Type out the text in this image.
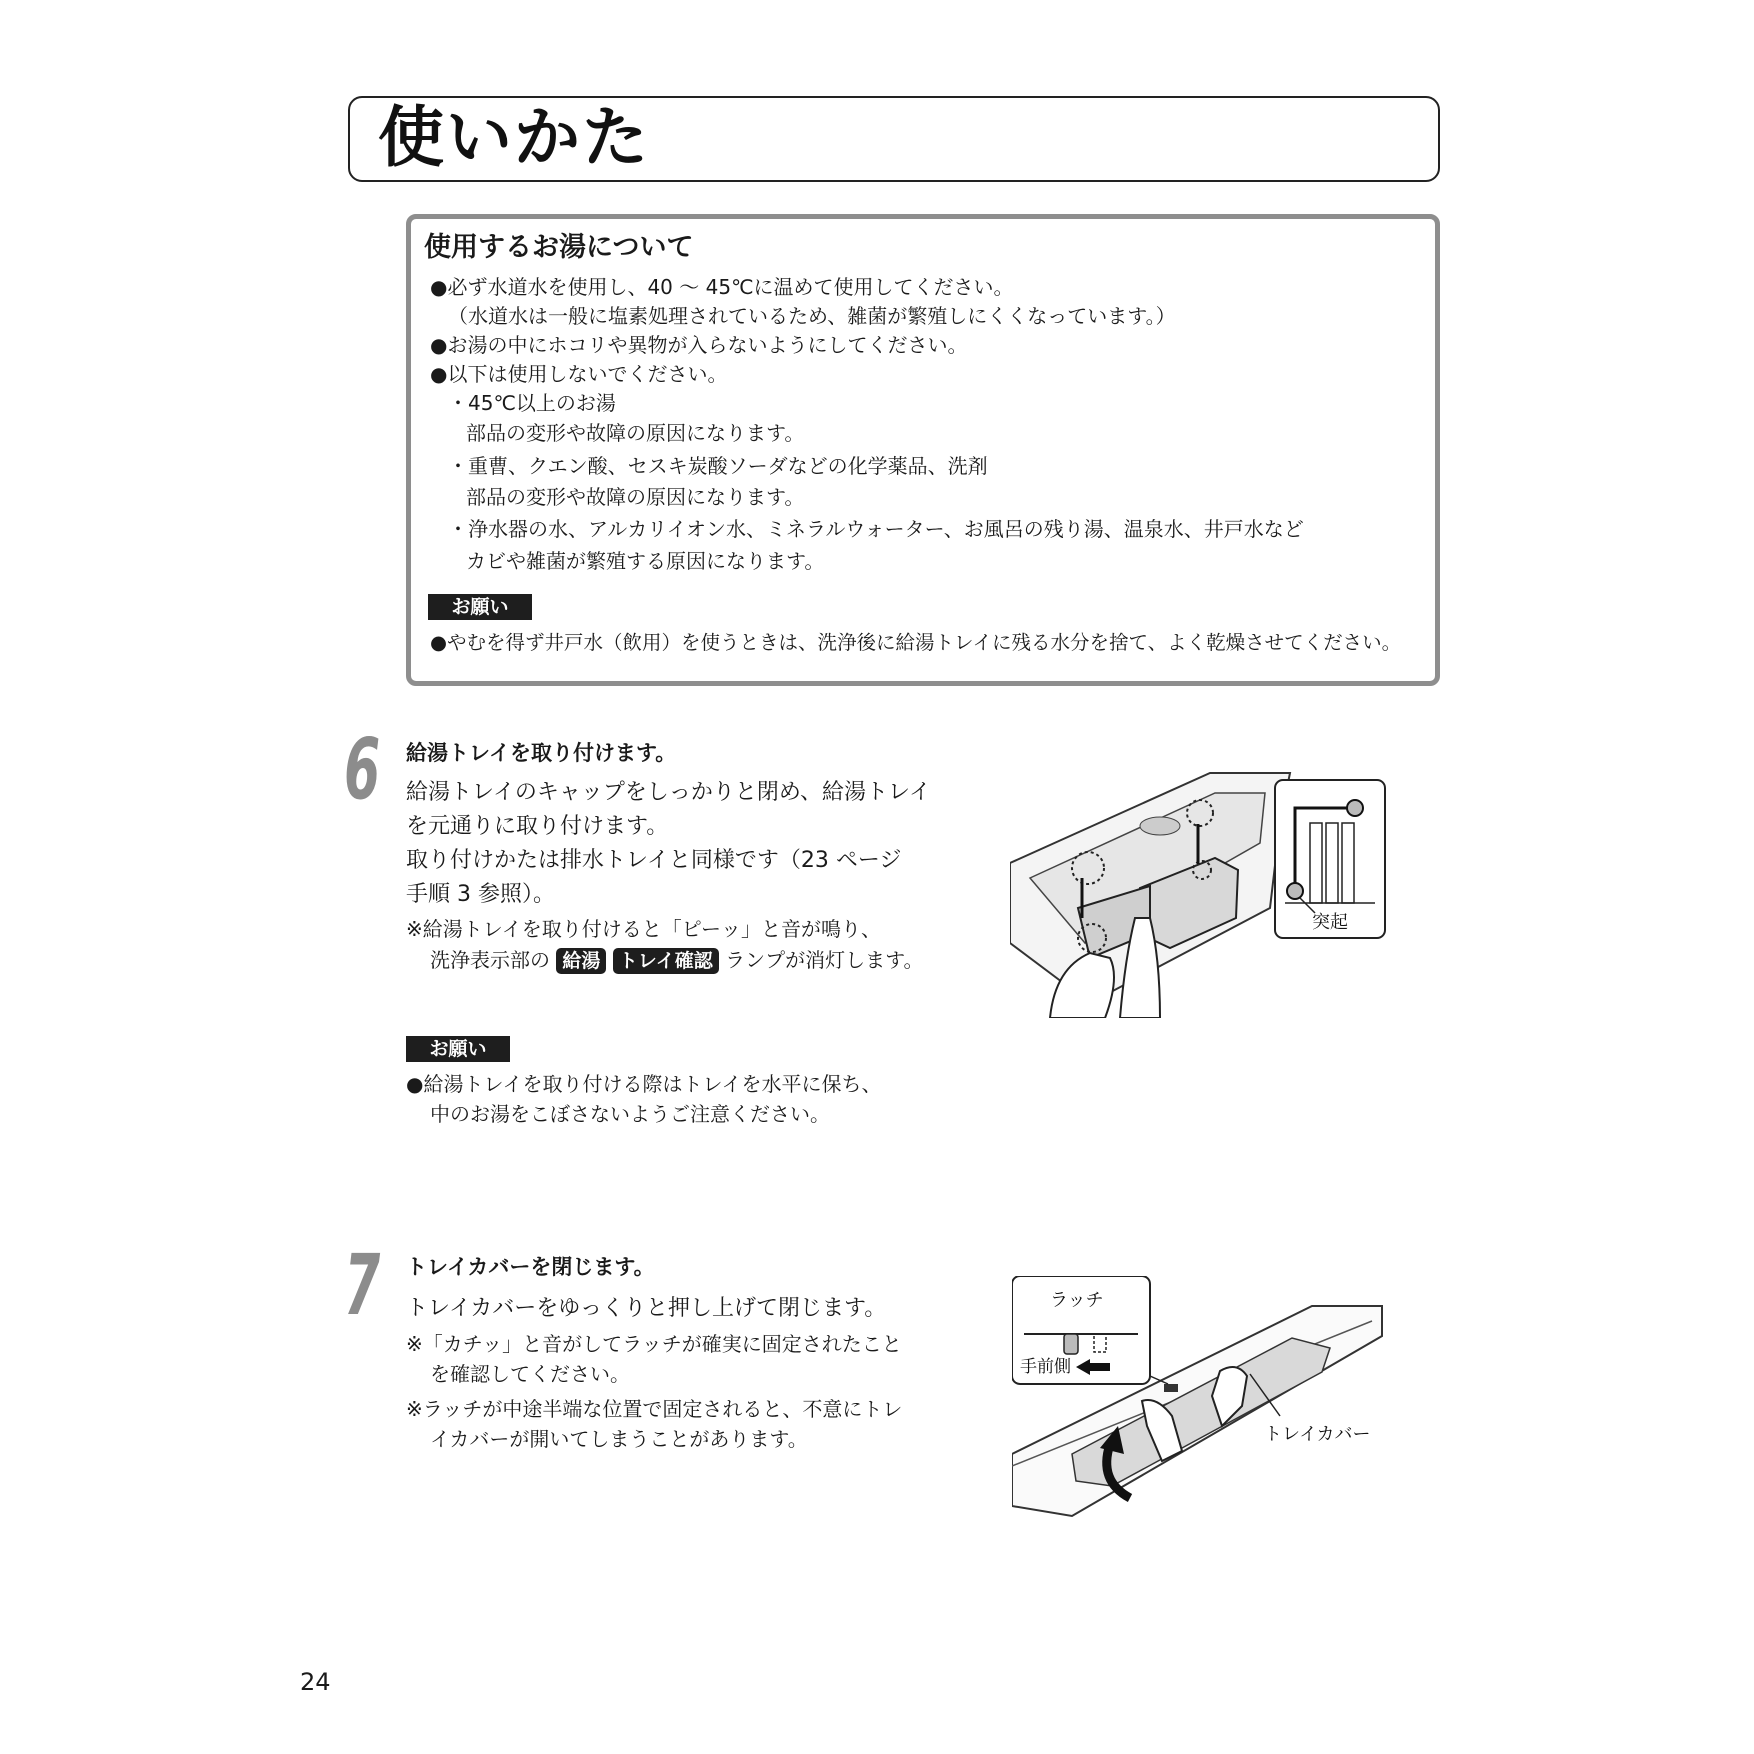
使いかた
使用するお湯について
●必ず水道水を使用し、40 ～ 45℃に温めて使用してください。
（水道水は一般に塩素処理されているため、雑菌が繁殖しにくくなっています。）
●お湯の中にホコリや異物が入らないようにしてください。
●以下は使用しないでください。
・45℃以上のお湯
部品の変形や故障の原因になります。
・重曹、クエン酸、セスキ炭酸ソーダなどの化学薬品、洗剤
部品の変形や故障の原因になります。
・浄水器の水、アルカリイオン水、ミネラルウォーター、お風呂の残り湯、温泉水、井戸水など
カビや雑菌が繁殖する原因になります。
お願い
●やむを得ず井戸水（飲用）を使うときは、洗浄後に給湯トレイに残る水分を捨て、よく乾燥させてください。
6 給湯トレイを取り付けます。
給湯トレイのキャップをしっかりと閉め、給湯トレイ
を元通りに取り付けます。
取り付けかたは排水トレイと同様です（23 ページ
手順 3 参照）。
※給湯トレイを取り付けると「ピーッ」と音が鳴り、
洗浄表示部の 給湯 トレイ確認 ランプが消灯します。
突起
お願い
●給湯トレイを取り付ける際はトレイを水平に保ち、
中のお湯をこぼさないようご注意ください。
7 トレイカバーを閉じます。
トレイカバーをゆっくりと押し上げて閉じます。
※「カチッ」と音がしてラッチが確実に固定されたこと
を確認してください。
※ラッチが中途半端な位置で固定されると、不意にトレ
イカバーが開いてしまうことがあります。
ラッチ
手前側
トレイカバー
24
